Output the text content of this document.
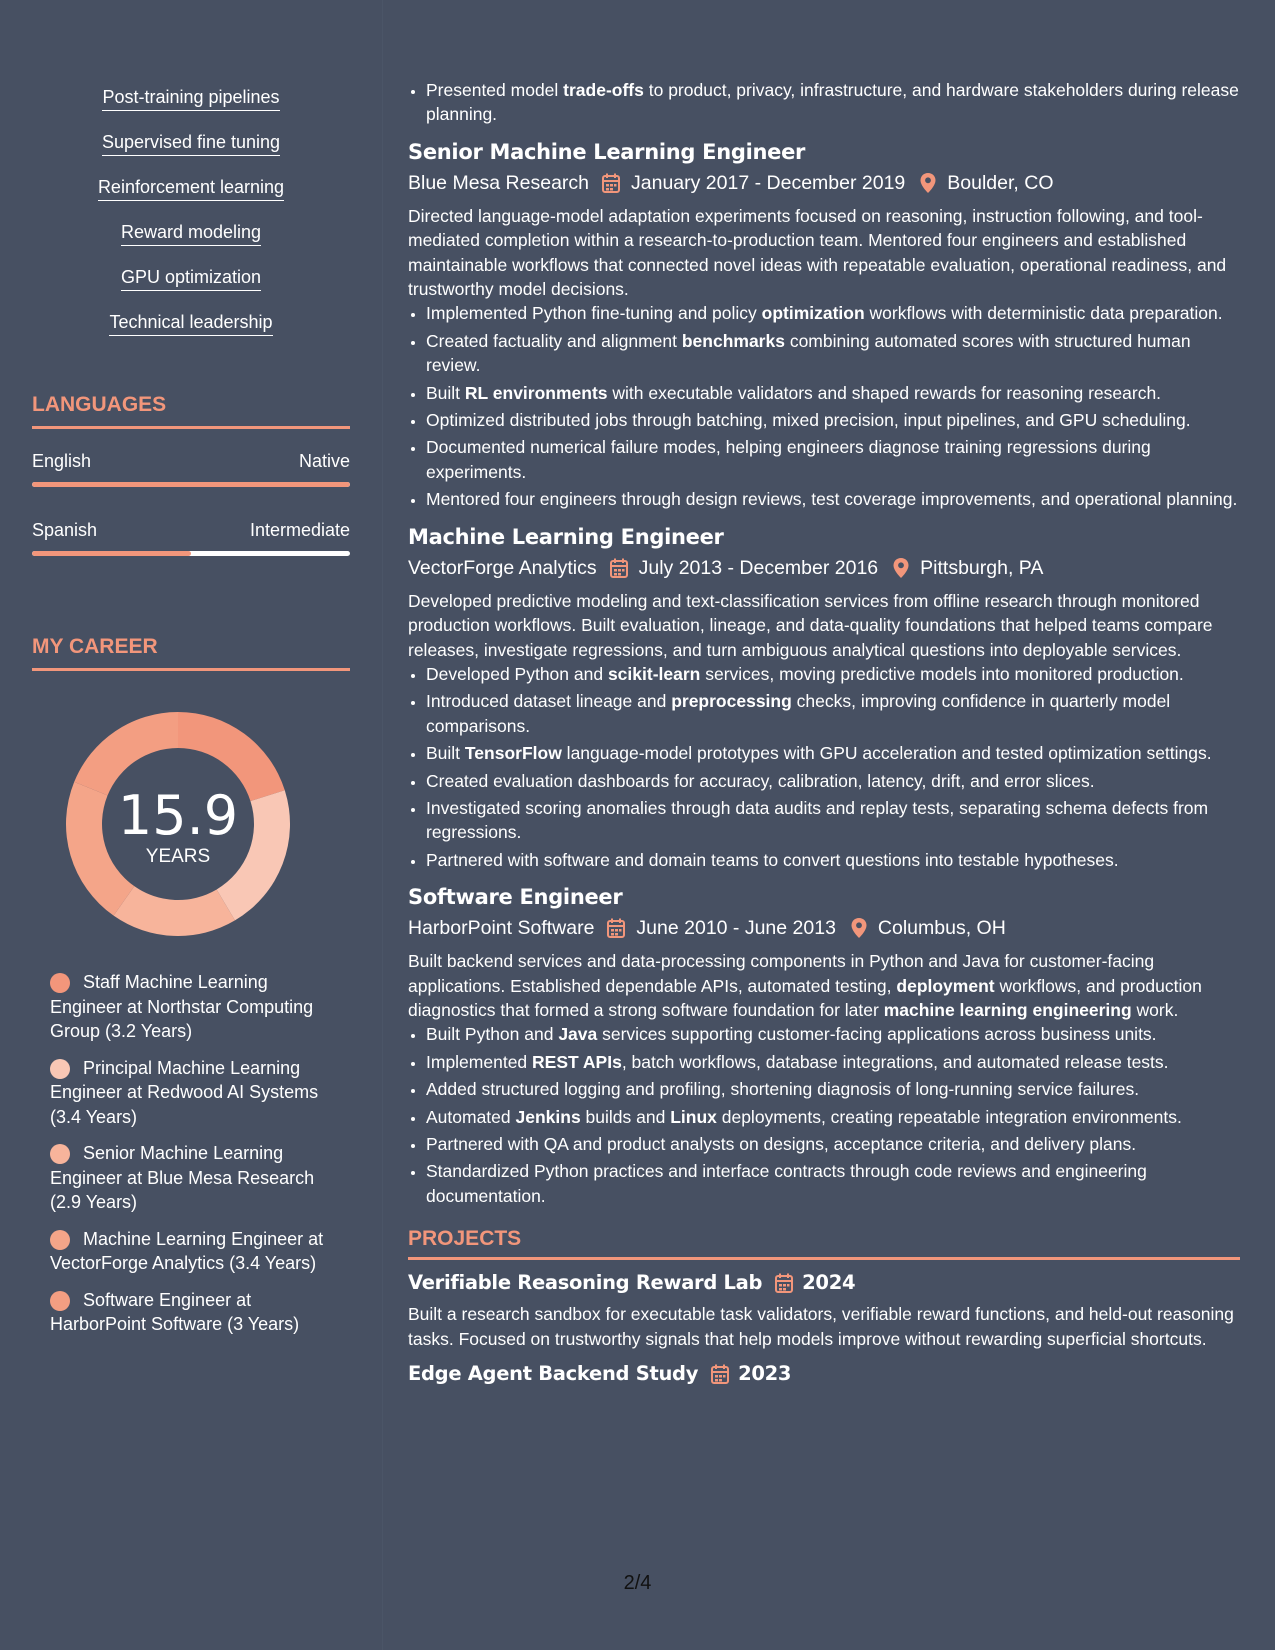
Post-training pipelines
Supervised fine tuning
Reinforcement learning
Reward modeling
GPU optimization
Technical leadership
LANGUAGES
English	Native
Spanish	Intermediate
MY CAREER
15.9
YEARS
Staff Machine Learning Engineer at Northstar Computing Group (3.2 Years)
Principal Machine Learning Engineer at Redwood AI Systems (3.4 Years)
Senior Machine Learning Engineer at Blue Mesa Research (2.9 Years)
Machine Learning Engineer at VectorForge Analytics (3.4 Years)
Software Engineer at HarborPoint Software (3 Years)
• Presented model trade-offs to product, privacy, infrastructure, and hardware stakeholders during release planning.
Senior Machine Learning Engineer
Blue Mesa Research January 2017 - December 2019 Boulder, CO
Directed language-model adaptation experiments focused on reasoning, instruction following, and tool-mediated completion within a research-to-production team. Mentored four engineers and established maintainable workflows that connected novel ideas with repeatable evaluation, operational readiness, and trustworthy model decisions.
• Implemented Python fine-tuning and policy optimization workflows with deterministic data preparation.
• Created factuality and alignment benchmarks combining automated scores with structured human review.
• Built RL environments with executable validators and shaped rewards for reasoning research.
• Optimized distributed jobs through batching, mixed precision, input pipelines, and GPU scheduling.
• Documented numerical failure modes, helping engineers diagnose training regressions during experiments.
• Mentored four engineers through design reviews, test coverage improvements, and operational planning.
Machine Learning Engineer
VectorForge Analytics July 2013 - December 2016 Pittsburgh, PA
Developed predictive modeling and text-classification services from offline research through monitored production workflows. Built evaluation, lineage, and data-quality foundations that helped teams compare releases, investigate regressions, and turn ambiguous analytical questions into deployable services.
• Developed Python and scikit-learn services, moving predictive models into monitored production.
• Introduced dataset lineage and preprocessing checks, improving confidence in quarterly model comparisons.
• Built TensorFlow language-model prototypes with GPU acceleration and tested optimization settings.
• Created evaluation dashboards for accuracy, calibration, latency, drift, and error slices.
• Investigated scoring anomalies through data audits and replay tests, separating schema defects from regressions.
• Partnered with software and domain teams to convert questions into testable hypotheses.
Software Engineer
HarborPoint Software June 2010 - June 2013 Columbus, OH
Built backend services and data-processing components in Python and Java for customer-facing applications. Established dependable APIs, automated testing, deployment workflows, and production diagnostics that formed a strong software foundation for later machine learning engineering work.
• Built Python and Java services supporting customer-facing applications across business units.
• Implemented REST APIs, batch workflows, database integrations, and automated release tests.
• Added structured logging and profiling, shortening diagnosis of long-running service failures.
• Automated Jenkins builds and Linux deployments, creating repeatable integration environments.
• Partnered with QA and product analysts on designs, acceptance criteria, and delivery plans.
• Standardized Python practices and interface contracts through code reviews and engineering documentation.
PROJECTS
Verifiable Reasoning Reward Lab 2024
Built a research sandbox for executable task validators, verifiable reward functions, and held-out reasoning tasks. Focused on trustworthy signals that help models improve without rewarding superficial shortcuts.
Edge Agent Backend Study 2023
2/4
